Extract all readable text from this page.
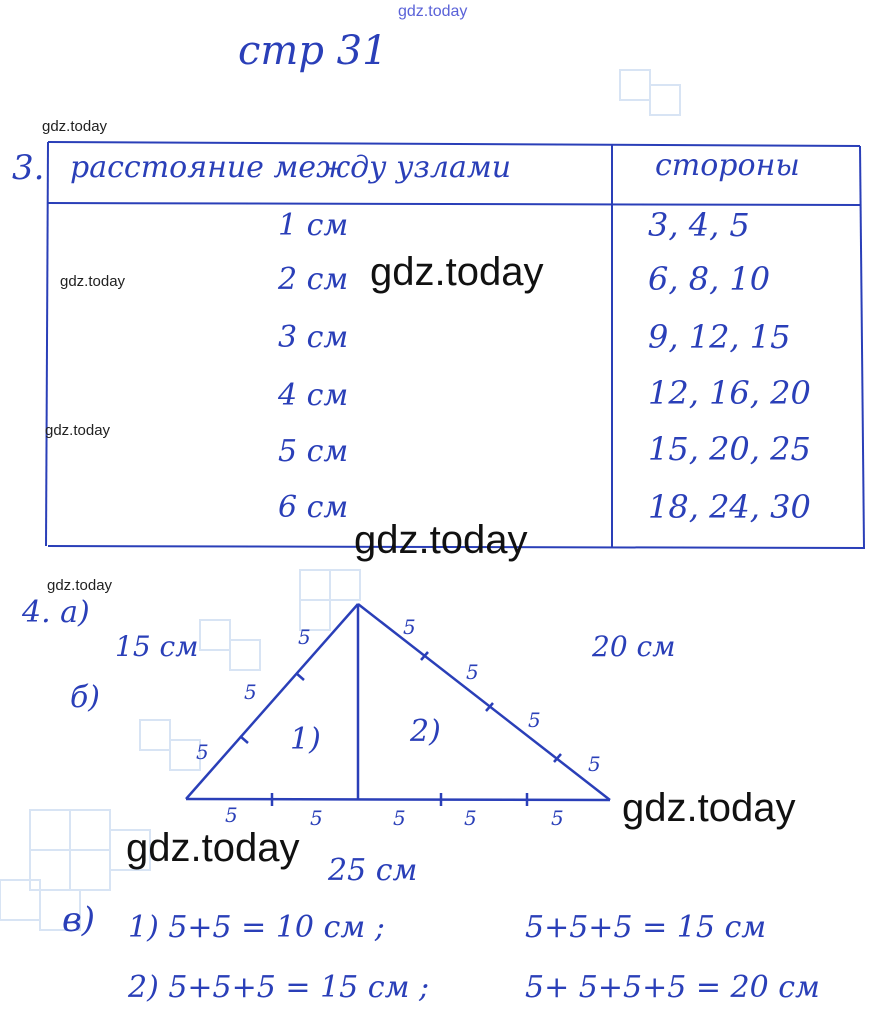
gdz.today
стр 31
gdz.today
gdz.today
gdz.today
gdz.today
3. расстояние между узлами	стороны
1 см	3, 4, 5
2 см	6, 8, 10
3 см	9, 12, 15
4 см	12, 16, 20
5 см	15, 20, 25
6 см	18, 24, 30
gdz.today
gdz.today
gdz.today
gdz.today
4. а)
15 см	20 см
б)
5
5
5	5
5
5
5
5	5	5	5	5
1)	2)
25 см
в) 1) 5+5 = 10 см ;	5+5+5 = 15 см
2) 5+5+5 = 15 см ;	5+ 5+5+5 = 20 см
